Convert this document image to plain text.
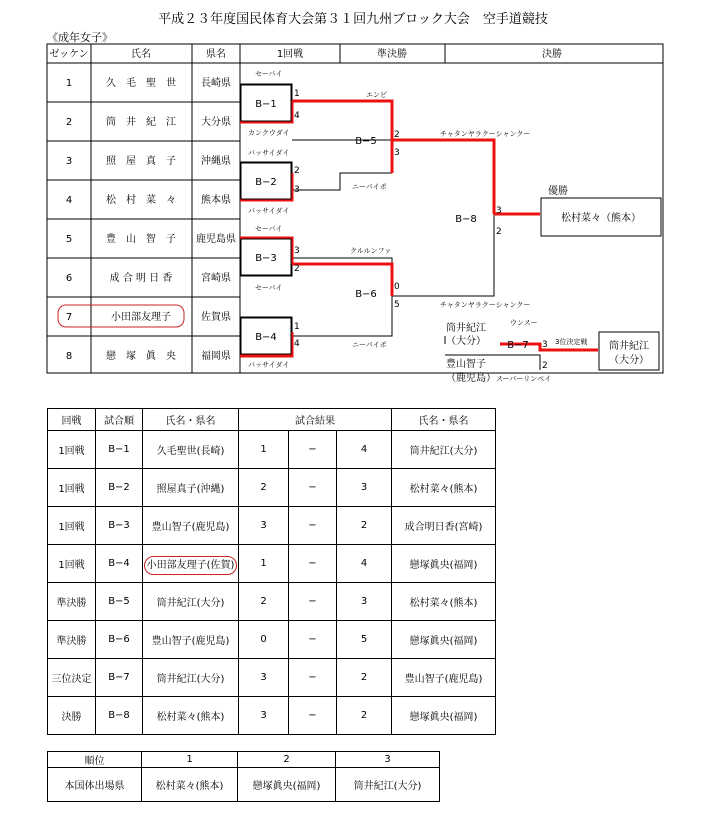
平成２３年度国民体育大会第３１回九州ブロック大会　空手道競技
《成年女子》
ゼッケン	氏名	県名	1回戦	準決勝	決勝
1	久　毛　聖　世	長崎県
2	筒　井　紀　江	大分県
3	照　屋　真　子	沖縄県
4	松　村　菜　々	熊本県
5	豊　山　智　子 鹿児島県
6	成 合 明 日 香	宮崎県
7	小田部友理子	佐賀県
8	戀　塚　眞　央	福岡県
B−1
B−2
B−3
B−4
B−5
B−6
B−8
B−7
1
4
2
3
3
2
1
4
2
3
0
5
3
2
3
2
セーパイ
カンクウダイ
バッサイダイ
バッサイダイ
セーパイ
セーパイ
バッサイダイ
エンピ
ニーパイポ
クルルンファ
ニーパイポ
チャタンヤラクーシャンクー
チャタンヤラクーシャンクー
ウンスー
スーパーリンペイ
3位決定戦
優勝
松村菜々（熊本）
筒井紀江
（大分）
豊山智子
（鹿児島）
筒井紀江
（大分）
回戦	試合順	氏名・県名	試合結果			氏名・県名
1回戦	B−1	久毛聖世(長崎)	1	−	4	筒井紀江(大分)
1回戦	B−2	照屋真子(沖縄)	2	−	3	松村菜々(熊本)
1回戦	B−3	豊山智子(鹿児島)	3	−	2	成合明日香(宮崎)
1回戦	B−4	小田部友理子(佐賀)	1	−	4	戀塚眞央(福岡)
準決勝	B−5	筒井紀江(大分)	2	−	3	松村菜々(熊本)
準決勝	B−6	豊山智子(鹿児島)	0	−	5	戀塚眞央(福岡)
三位決定	B−7	筒井紀江(大分)	3	−	2	豊山智子(鹿児島)
決勝	B−8	松村菜々(熊本)	3	−	2	戀塚眞央(福岡)
順位	1	2	3
本国体出場県	松村菜々(熊本)	戀塚眞央(福岡)	筒井紀江(大分)
